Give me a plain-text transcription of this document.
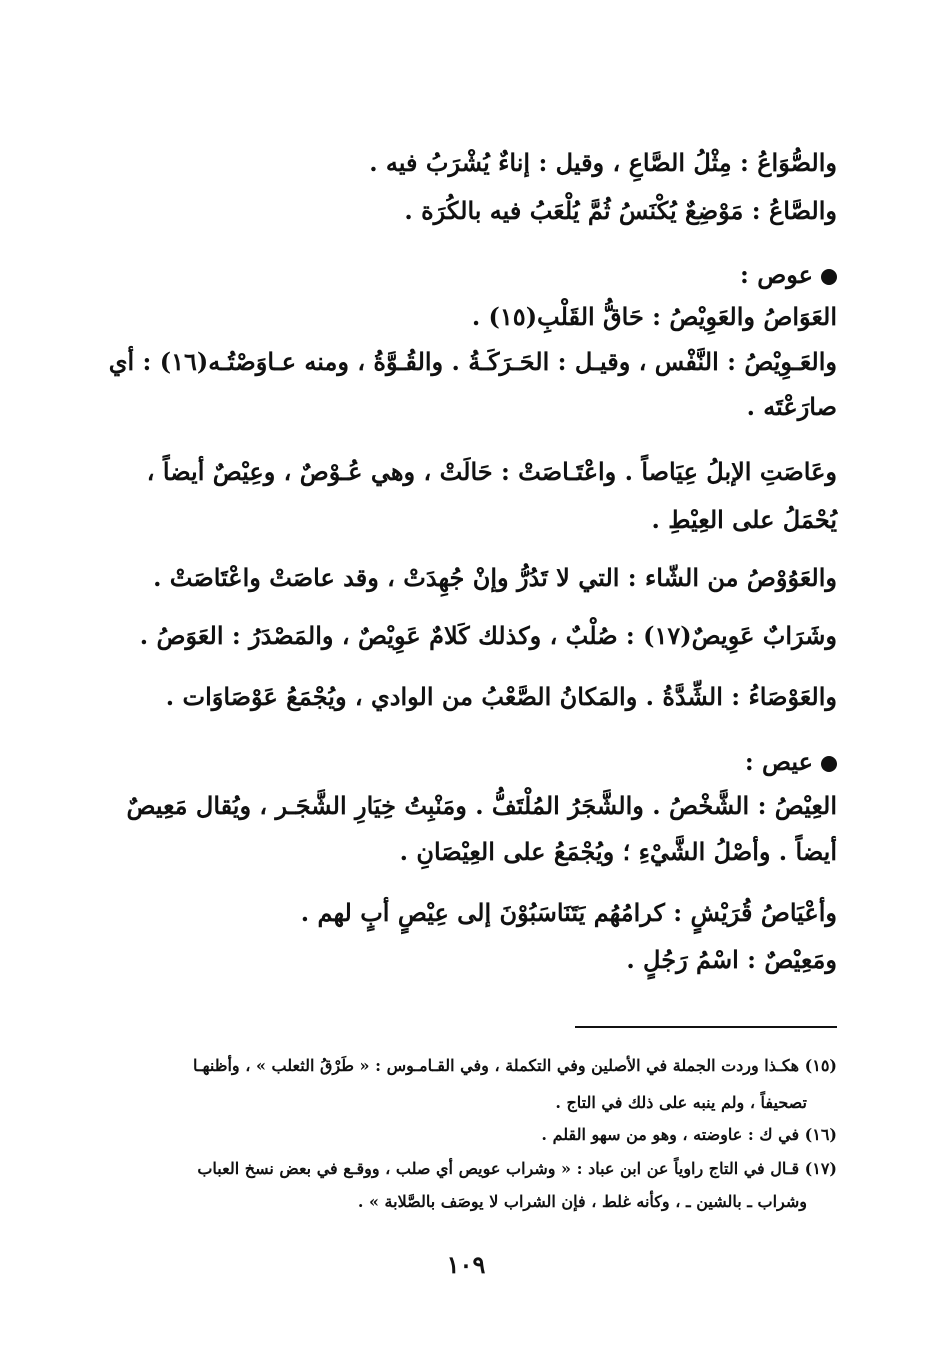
والصُّوَاعُ : مِثْلُ الصَّاعِ ، وقيل : إناءٌ يُشْرَبُ فيه .
والصَّاعُ : مَوْضِعٌ يُكْنَسُ ثُمَّ يُلْعَبُ فيه بالكُرَة .
عوص :
العَوَاصُ والعَوِيْصُ : حَاقُّ القَلْبِ(١٥) .
والعَـوِيْصُ : النَّفْس ، وقيـل : الحَـرَكَـةُ . والقُـوَّةُ ، ومنه عـاوَصْتُـه(١٦) : أي
صارَعْتَه .
وعَاصَتِ الإبلُ عِيَاصاً . واعْتَـاصَتْ : حَالَتْ ، وهي عُـوْصٌ ، وعِيْصٌ أيضاً ،
يُحْمَلُ على العِيْطِ .
والعَوُوْصُ من الشّاء : التي لا تَدُرُّ وإنْ جُهِدَتْ ، وقد عاصَتْ واعْتَاصَتْ .
وشَرَابٌ عَوِيصٌ(١٧) : صُلْبٌ ، وكذلك كَلامٌ عَوِيْصٌ ، والمَصْدَرُ : العَوَصُ .
والعَوْصَاءُ : الشِّدَّةُ . والمَكانُ الصَّعْبُ من الوادي ، ويُجْمَعُ عَوْصَاوَات .
عيص :
العِيْصُ : الشَّخْصُ . والشَّجَرُ المُلْتَفُّ . ومَنْبِتُ خِيَارِ الشَّجَـر ، ويُقال مَعِيصٌ
أيضاً . وأصْلُ الشَّيْءِ ؛ ويُجْمَعُ على العِيْصَانِ .
وأعْيَاصُ قُرَيْشٍ : كرامُهُم يَتَنَاسَبُوْنَ إلى عِيْصٍ أبٍ لهم .
ومَعِيْصٌ : اسْمُ رَجُلٍ .
(١٥) هكـذا وردت الجملة في الأصلين وفي التكملة ، وفي القـامـوس : « طَرْقُ الثعلب » ، وأظنهـا
تصحيفاً ، ولم ينبه على ذلك في التاج .
(١٦) في ك : عاوضته ، وهو من سهو القلم .
(١٧) قـال في التاج راوياً عن ابن عباد : « وشراب عويص أي صلب ، ووقـع في بعض نسخ العباب
وشراب ـ بالشين ـ ، وكأنه غلط ، فإن الشراب لا يوصَف بالصَّلابة » .
١٠٩
